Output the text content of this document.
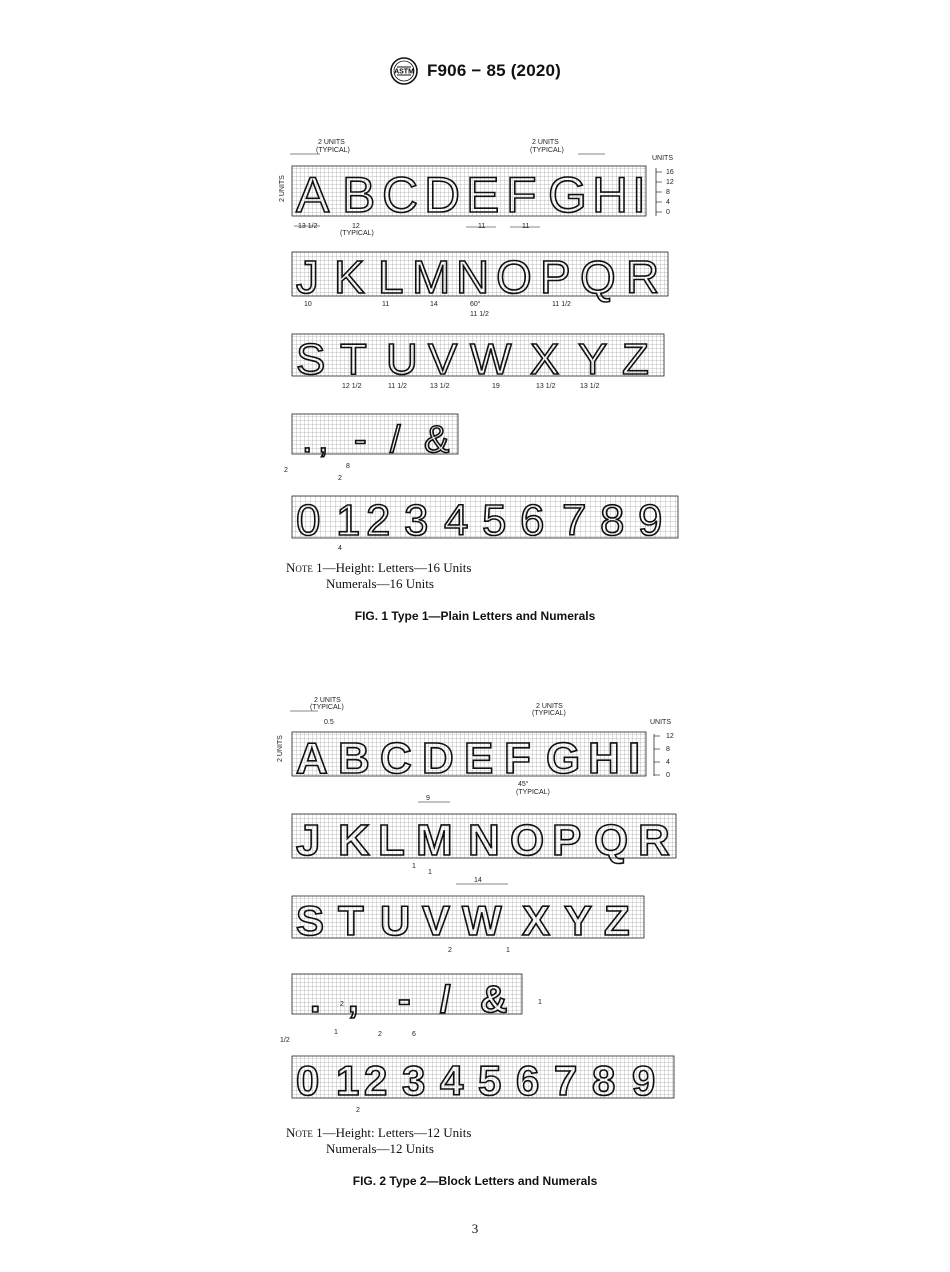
ASTM F906 − 85 (2020)
2 UNITS
(TYPICAL)
2 UNITS
(TYPICAL)
UNITS
2 UNITS A B C D E F G H I	16
12
8
4
0
13 1/2	12
(TYPICAL)
11	11
J K L M N O P Q R
10	11	14	60°
11 1/2
11 1/2
S T U V W X Y Z
12 1/2	11 1/2	13 1/2	19	13 1/2	13 1/2
. , - / &
2
2
8
0 1 2 3 4 5 6 7 8 9
4
Note 1—Height: Letters—16 Units
Numerals—16 Units
FIG. 1 Type 1—Plain Letters and Numerals
2 UNITS
(TYPICAL)
0.5
2 UNITS
(TYPICAL)
UNITS
2 UNITS A B C D E F G H I	12
8
4
0
45°
(TYPICAL)
9
J K L M N O P Q R
1
1
14
S T U V W X Y Z
2	1
. , - / &
2
1	2	6
1
1/2
0 1 2 3 4 5 6 7 8 9
2
Note 1—Height: Letters—12 Units
Numerals—12 Units
FIG. 2 Type 2—Block Letters and Numerals
3
